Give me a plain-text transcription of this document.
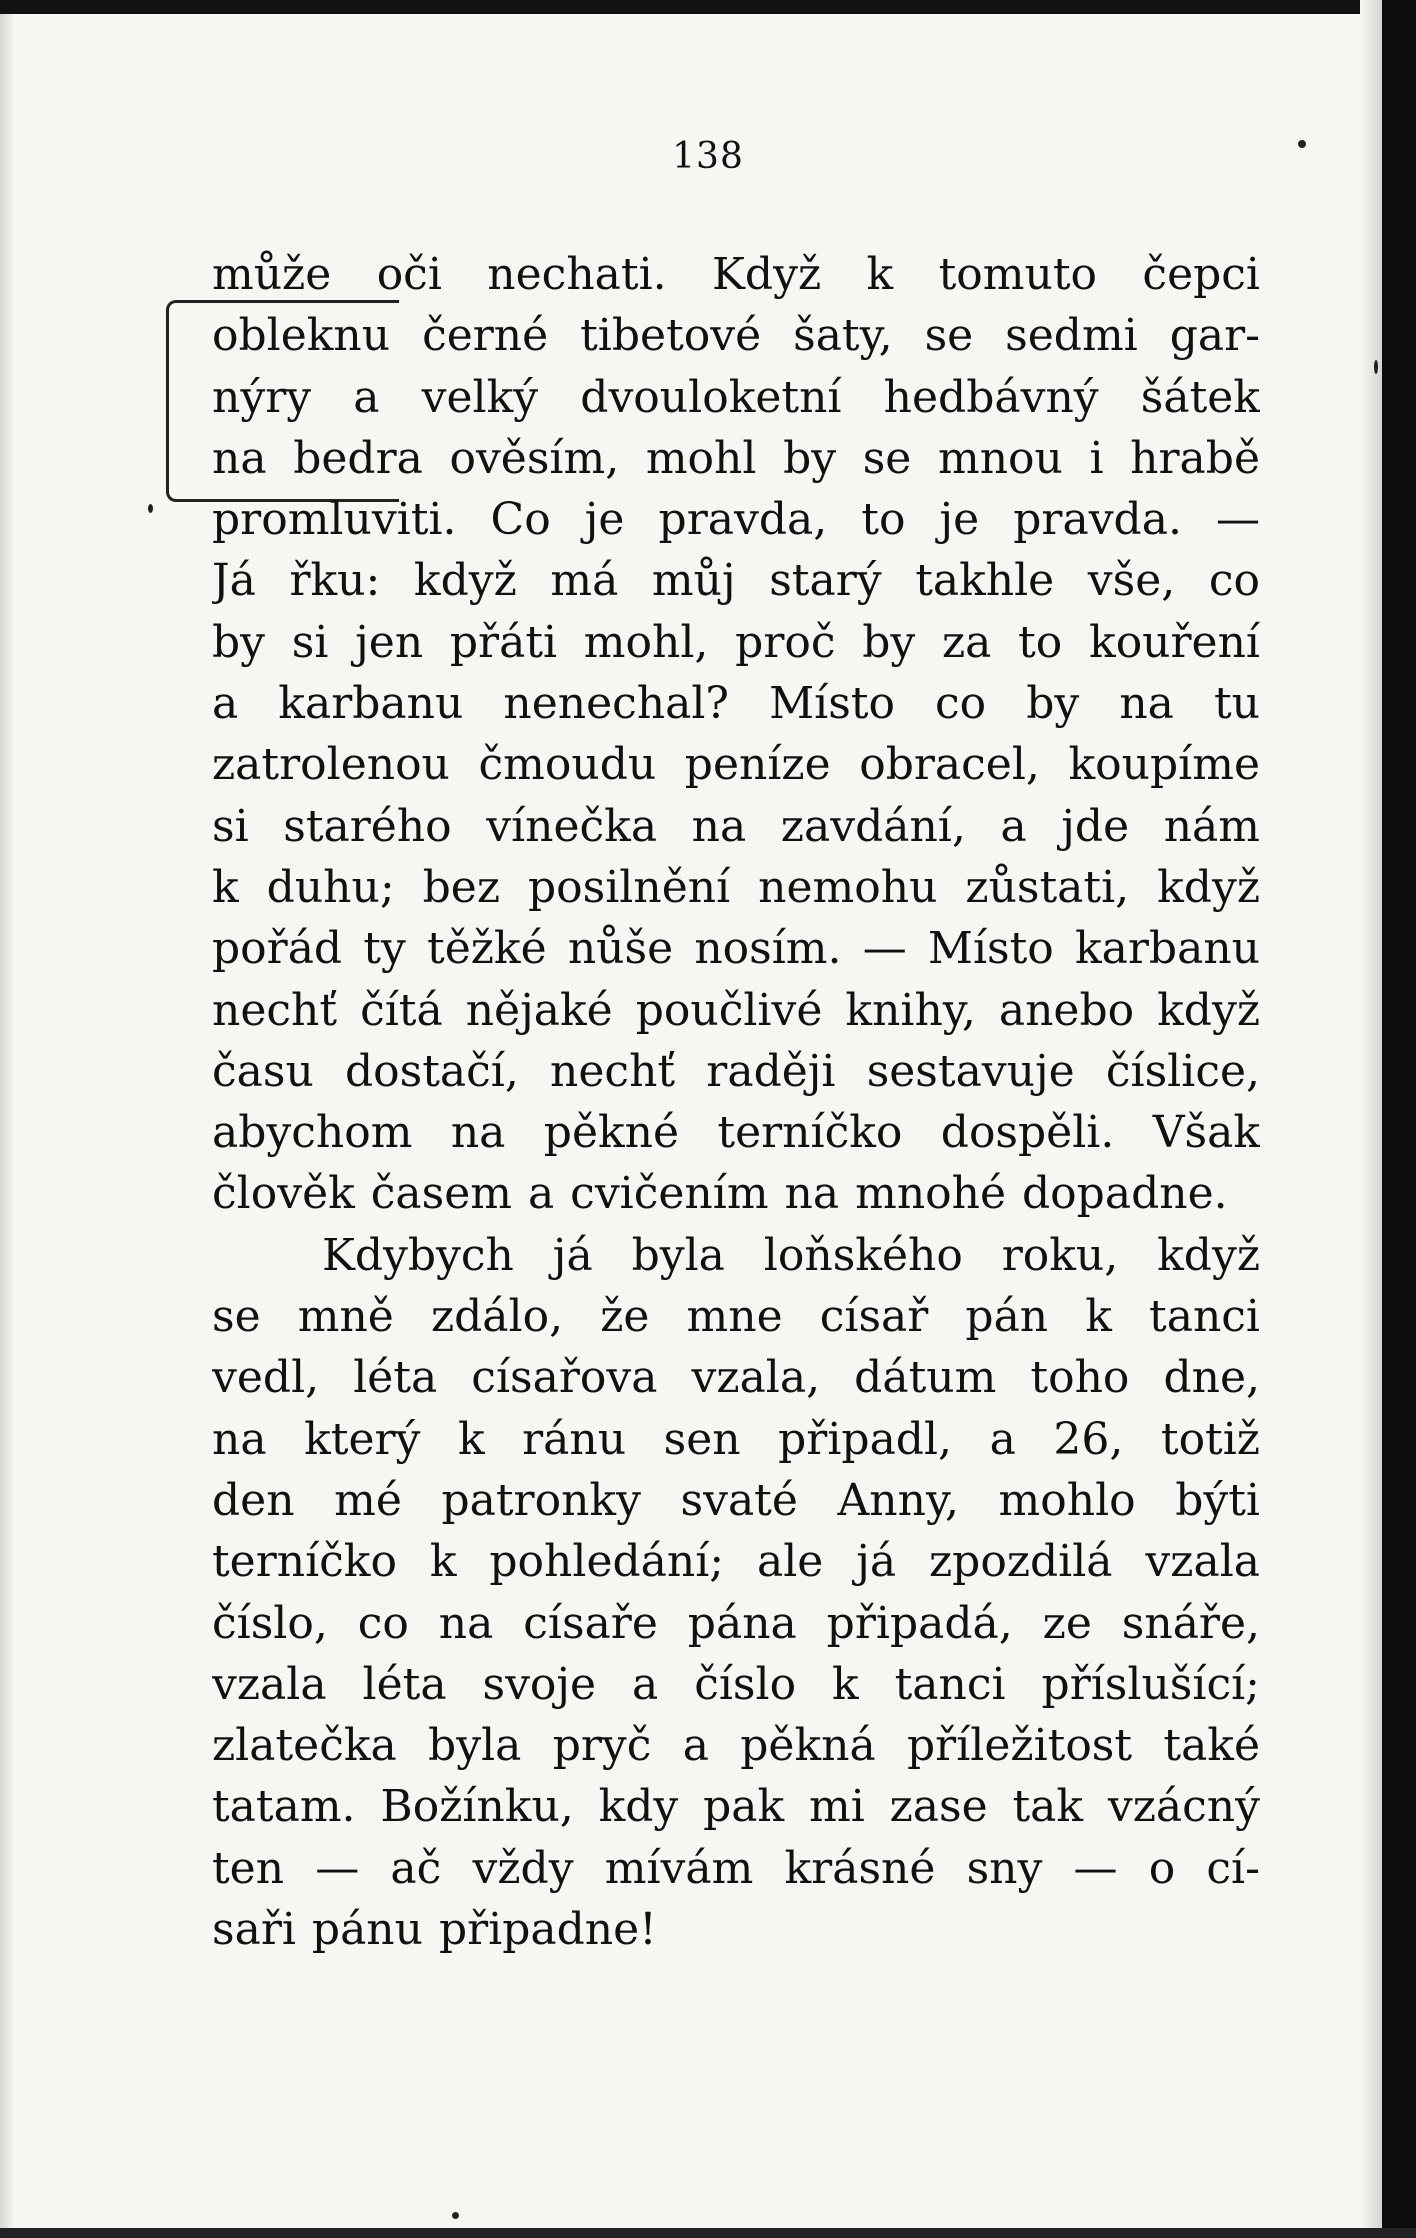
138
může oči nechati. Když k tomuto čepci
obleknu černé tibetové šaty, se sedmi gar-
nýry a velký dvouloketní hedbávný šátek
na bedra ověsím, mohl by se mnou i hrabě
promluviti. Co je pravda, to je pravda. —
Já řku: když má můj starý takhle vše, co
by si jen přáti mohl, proč by za to kouření
a karbanu nenechal? Místo co by na tu
zatrolenou čmoudu peníze obracel, koupíme
si starého vínečka na zavdání, a jde nám
k duhu; bez posilnění nemohu zůstati, když
pořád ty těžké nůše nosím. — Místo karbanu
nechť čítá nějaké poučlivé knihy, anebo když
času dostačí, nechť raději sestavuje číslice,
abychom na pěkné terníčko dospěli. Však
člověk časem a cvičením na mnohé dopadne.
Kdybych já byla loňského roku, když
se mně zdálo, že mne císař pán k tanci
vedl, léta císařova vzala, dátum toho dne,
na který k ránu sen připadl, a 26, totiž
den mé patronky svaté Anny, mohlo býti
terníčko k pohledání; ale já zpozdilá vzala
číslo, co na císaře pána připadá, ze snáře,
vzala léta svoje a číslo k tanci příslušící;
zlatečka byla pryč a pěkná příležitost také
tatam. Božínku, kdy pak mi zase tak vzácný
ten — ač vždy mívám krásné sny — o cí-
saři pánu připadne!
